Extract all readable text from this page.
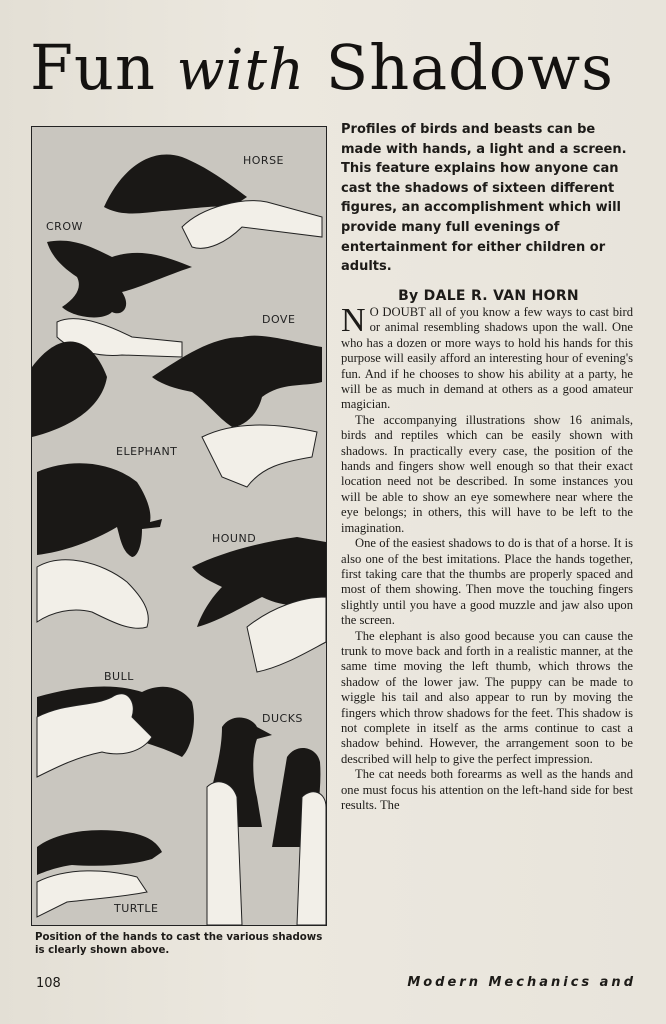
Fun with Shadows
HORSE
CROW
DOVE
ELEPHANT
HOUND
BULL
DUCKS
TURTLE
Position of the hands to cast the various shadows is clearly shown above.
Profiles of birds and beasts can be made with hands, a light and a screen. This feature explains how anyone can cast the shadows of sixteen different figures, an accomplishment which will provide many full evenings of entertainment for either children or adults.
By DALE R. VAN HORN

N O DOUBT all of you know a few ways to cast bird or animal resembling shadows upon the wall. One who has a dozen or more ways to hold his hands for this purpose will easily afford an interesting hour of evening's fun. And if he chooses to show his ability at a party, he will be as much in demand at others as a good amateur magician.

The accompanying illustrations show 16 animals, birds and reptiles which can be easily shown with shadows. In practically every case, the position of the hands and fingers show well enough so that their exact location need not be described. In some instances you will be able to show an eye somewhere near where the eye belongs; in others, this will have to be left to the imagination.

One of the easiest shadows to do is that of a horse. It is also one of the best imitations. Place the hands together, first taking care that the thumbs are properly spaced and most of them showing. Then move the touching fingers slightly until you have a good muzzle and jaw also upon the screen.

The elephant is also good because you can cause the trunk to move back and forth in a realistic manner, at the same time moving the left thumb, which throws the shadow of the lower jaw. The puppy can be made to wiggle his tail and also appear to run by moving the fingers which throw shadows for the feet. This shadow is not complete in itself as the arms continue to cast a shadow behind. However, the arrangement soon to be described will help to give the perfect impression.

The cat needs both forearms as well as the hands and one must focus his attention on the left-hand side for best results. The

108	Modern Mechanics and
